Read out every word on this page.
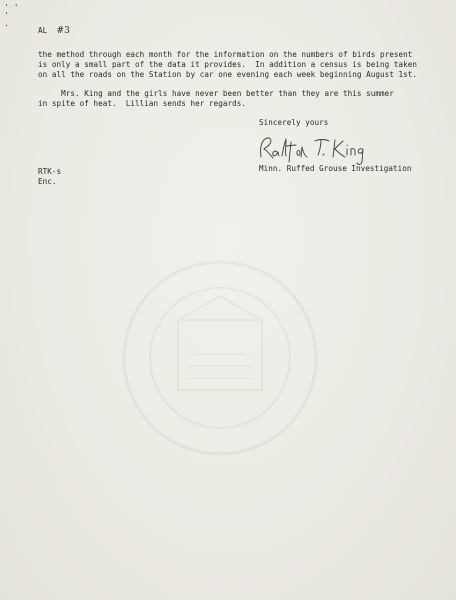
' '
'
.
AL #3
the method through each month for the information on the numbers of birds present
is only a small part of the data it provides.  In addition a census is being taken
on all the roads on the Station by car one evening each week beginning August 1st.
Mrs. King and the girls have never been better than they are this summer
in spite of heat.  Lillian sends her regards.
Sincerely yours
Minn. Ruffed Grouse Investigation
RTK-s
Enc.
